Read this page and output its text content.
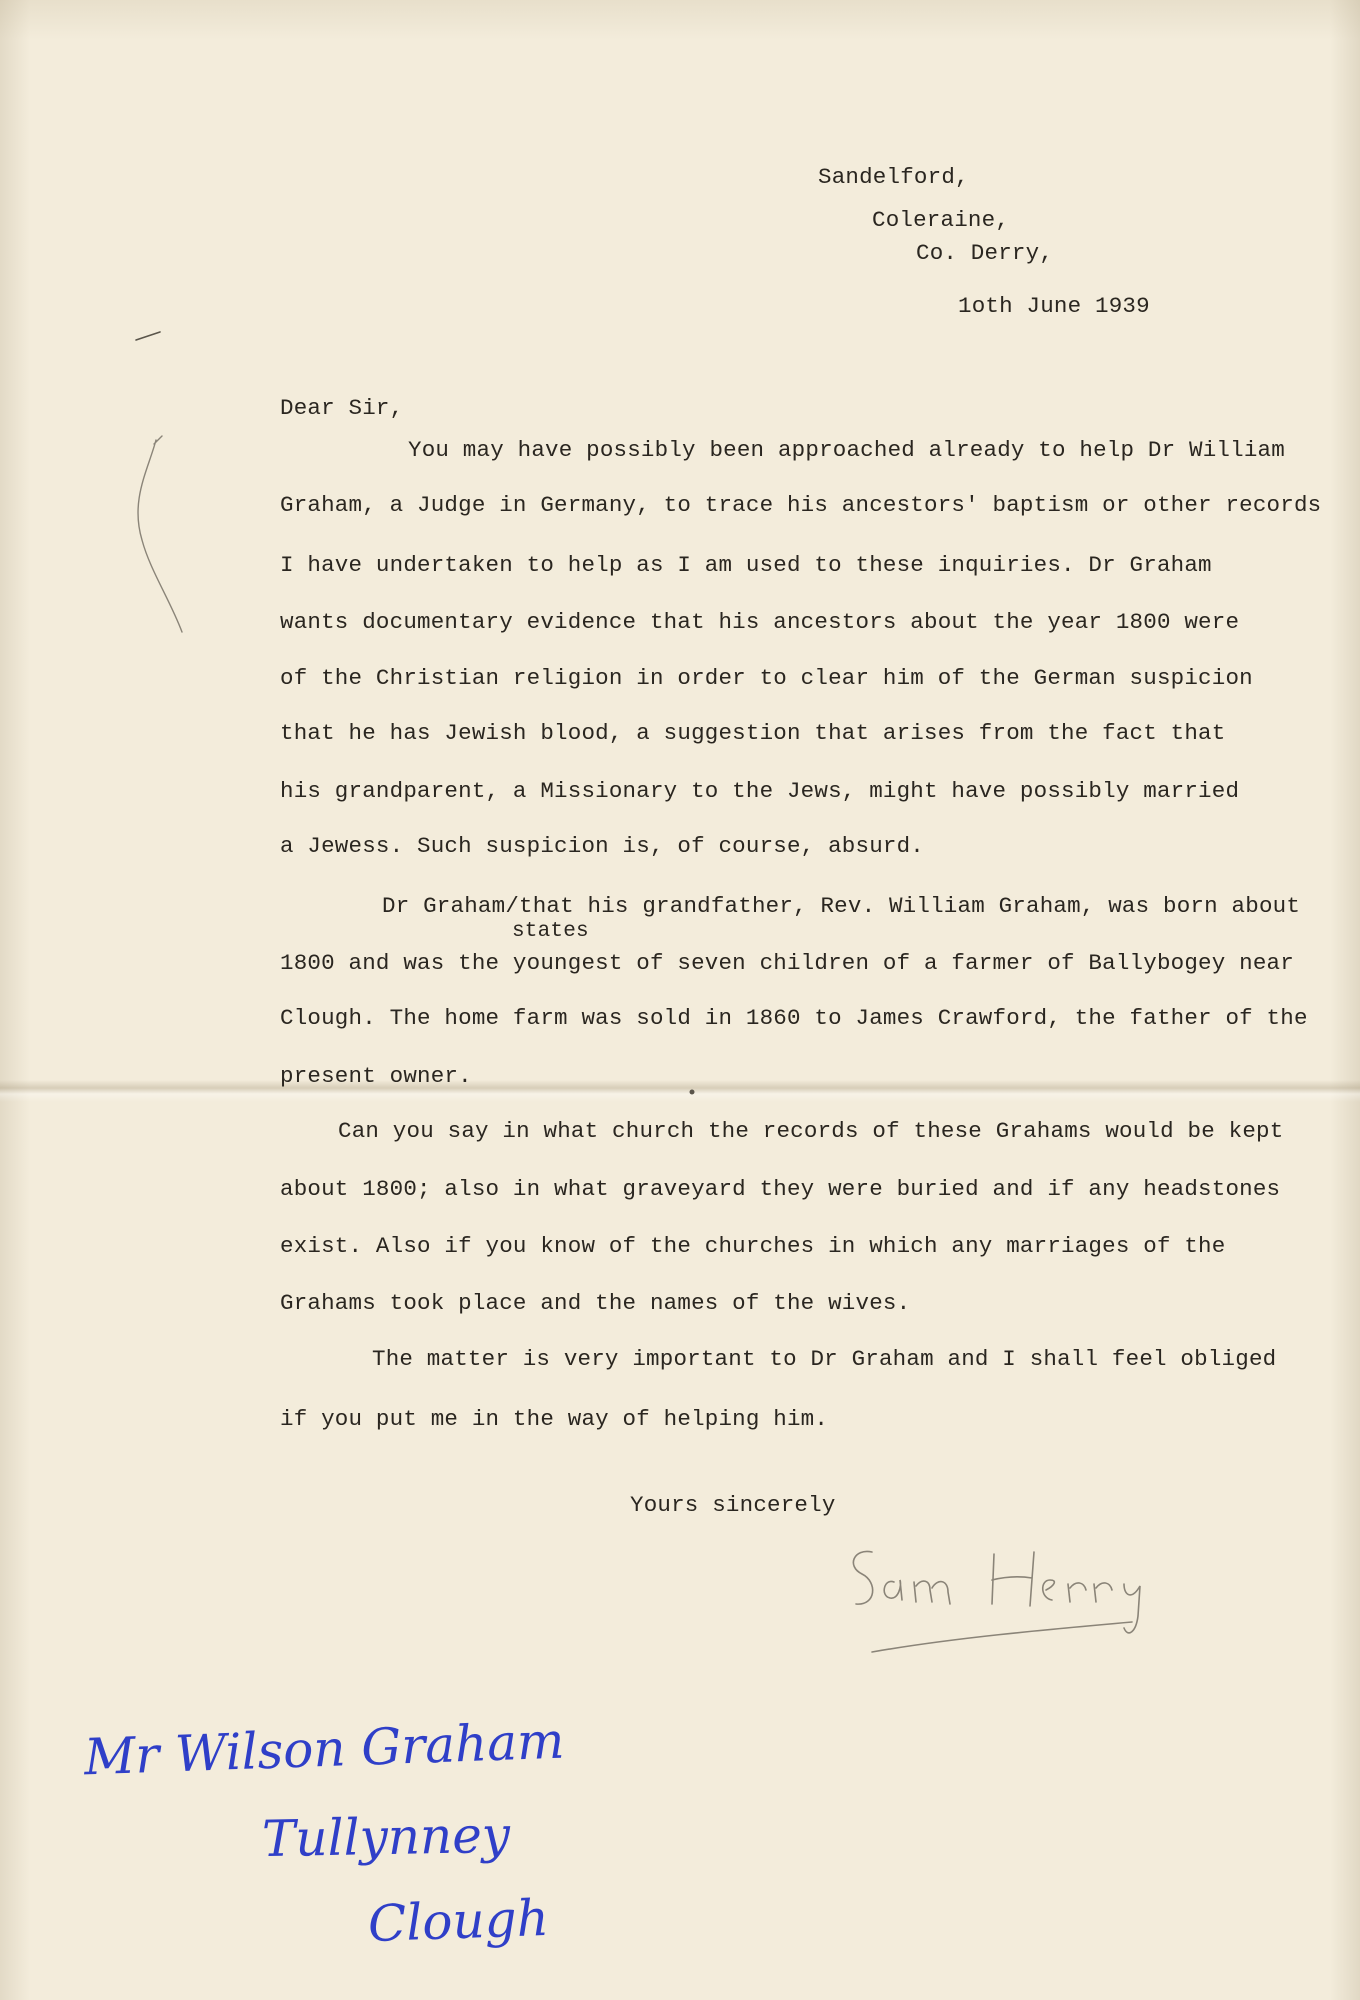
Sandelford,
Coleraine,
Co. Derry,
1oth June 1939
Dear Sir,
You may have possibly been approached already to help Dr William
Graham, a Judge in Germany, to trace his ancestors' baptism or other records
I have undertaken to help as I am used to these inquiries. Dr Graham
wants documentary evidence that his ancestors about the year 1800 were
of the Christian religion in order to clear him of the German suspicion
that he has Jewish blood, a suggestion that arises from the fact that
his grandparent, a Missionary to the Jews, might have possibly married
a Jewess. Such suspicion is, of course, absurd.
Dr Graham/that his grandfather, Rev. William Graham, was born about
states
1800 and was the youngest of seven children of a farmer of Ballybogey near
Clough. The home farm was sold in 1860 to James Crawford, the father of the
present owner.
Can you say in what church the records of these Grahams would be kept
about 1800; also in what graveyard they were buried and if any headstones
exist. Also if you know of the churches in which any marriages of the
Grahams took place and the names of the wives.
The matter is very important to Dr Graham and I shall feel obliged
if you put me in the way of helping him.
Yours sincerely
Mr Wilson Graham
Tullynney
Clough
